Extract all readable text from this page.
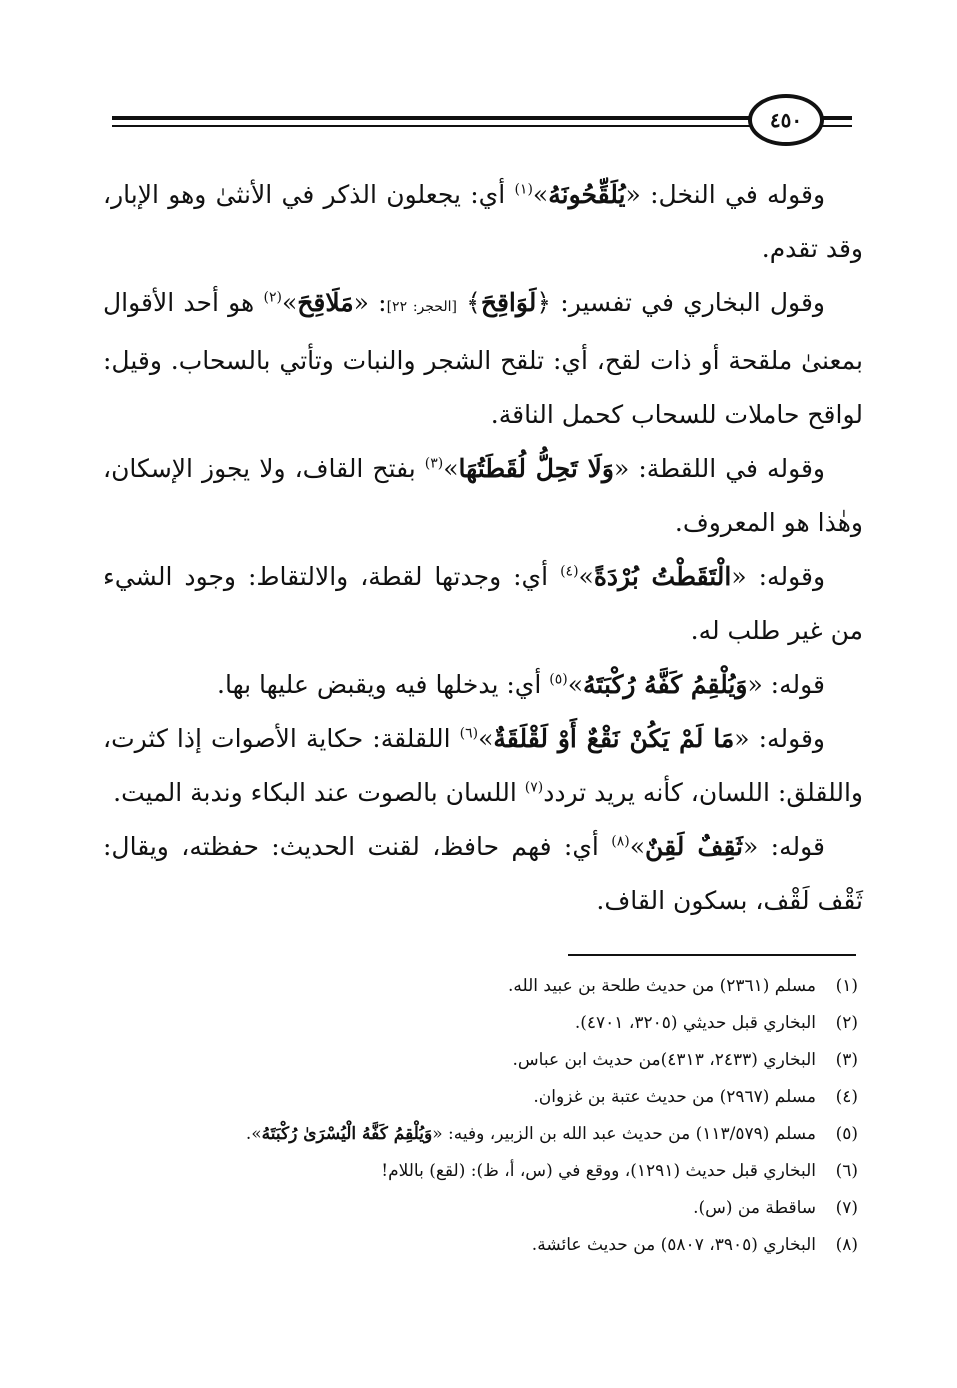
٤٥٠

وقوله في النخل: «يُلَقِّحُونَهُ»$^{(١)}$ أي: يجعلون الذكر في الأنثىٰ وهو الإبار، وقد تقدم.

وقول البخاري في تفسير: ﴿لَوَاقِحَ﴾ [الحجر: ٢٢]: «مَلَاقِحَ»$^{(٢)}$ هو أحد الأقوال بمعنىٰ ملقحة أو ذات لقح، أي: تلقح الشجر والنبات وتأتي بالسحاب. وقيل: لواقح حاملات للسحاب كحمل الناقة.

وقوله في اللقطة: «وَلَا تَحِلُّ لُقَطَتُهَا»$^{(٣)}$ بفتح القاف، ولا يجوز الإسكان، وهٰذا هو المعروف.

وقوله: «الْتَقَطْتُ بُرْدَةً»$^{(٤)}$ أي: وجدتها لقطة، والالتقاط: وجود الشيء من غير طلب له.

قوله: «وَيُلْقِمُ كَفَّهُ رُكْبَتَهُ»$^{(٥)}$ أي: يدخلها فيه ويقبض عليها بها.

وقوله: «مَا لَمْ يَكُنْ نَقْعٌ أَوْ لَقْلَقَةٌ»$^{(٦)}$ اللقلقة: حكاية الأصوات إذا كثرت، واللقلق: اللسان، كأنه يريد تردد$^{(٧)}$ اللسان بالصوت عند البكاء وندبة الميت.

قوله: «ثَقِفٌ لَقِنٌ»$^{(٨)}$ أي: فهم حافظ، لقنت الحديث: حفظته، ويقال: ثَقْف لَقْف، بسكون القاف.

(١)
مسلم (٢٣٦١) من حديث طلحة بن عبيد الله.
(٢)
البخاري قبل حديثي (٣٢٠٥، ٤٧٠١).
(٣)
البخاري (٢٤٣٣، ٤٣١٣)من حديث ابن عباس.
(٤)
مسلم (٢٩٦٧) من حديث عتبة بن غزوان.
(٥)
مسلم (١١٣/٥٧٩) من حديث عبد الله بن الزبير، وفيه: «وَيُلْقِمُ كَفَّهُ الْيُسْرَىٰ رُكْبَتَهُ».
(٦)
البخاري قبل حديث (١٢٩١)، ووقع في (س، أ، ظ): (لقع) باللام!
(٧)
ساقطة من (س).
(٨)
البخاري (٣٩٠٥، ٥٨٠٧) من حديث عائشة.
